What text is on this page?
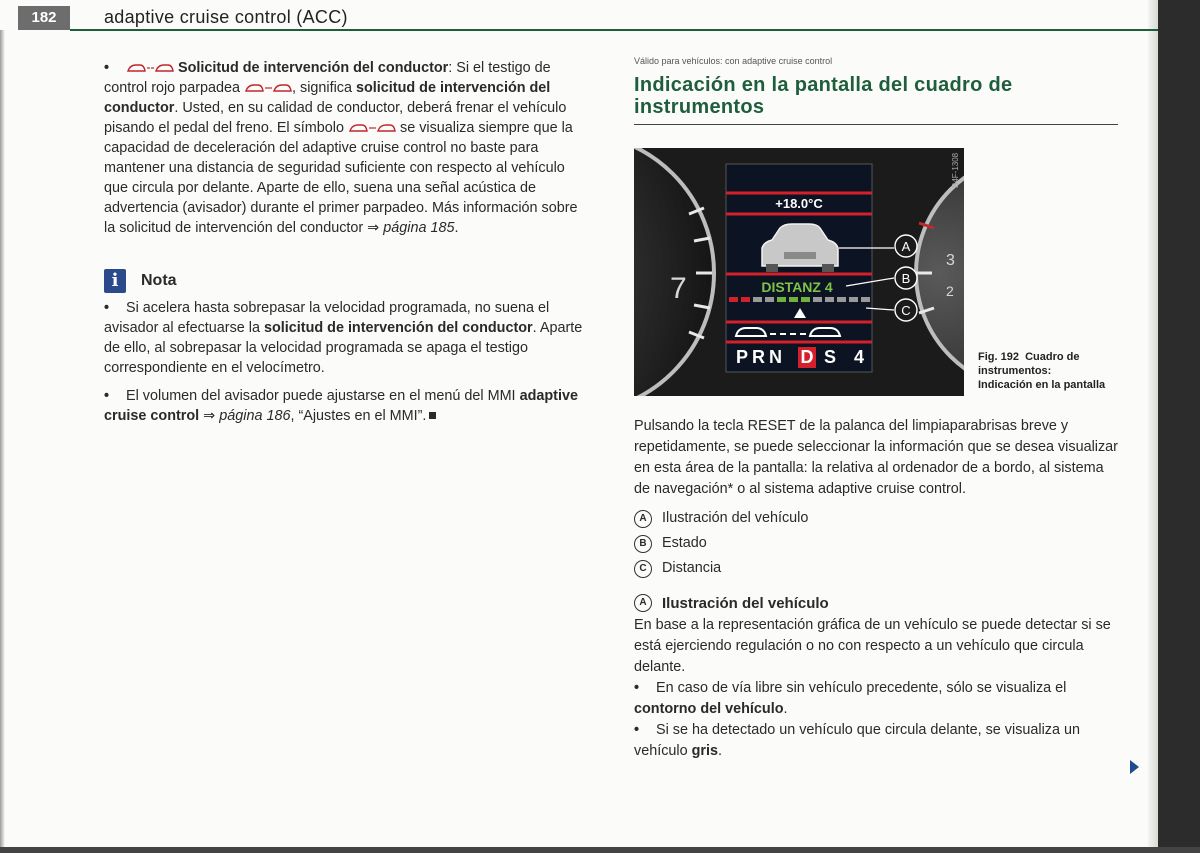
182	adaptive cruise control (ACC)

•	Solicitud de intervención del conductor: Si el testigo de control rojo parpadea	, significa solicitud de intervención del conductor. Usted, en su calidad de conductor, deberá frenar el vehículo pisando el pedal del freno. El símbolo	se visualiza siempre que la capacidad de deceleración del adaptive cruise control no baste para mantener una distancia de seguridad suficiente con respecto al vehículo que circula por delante. Aparte de ello, suena una señal acústica de advertencia (avisador) durante el primer parpadeo. Más información sobre la solicitud de intervención del conductor ⇒ página 185.

i	Nota

• Si acelera hasta sobrepasar la velocidad programada, no suena el avisador al efectuarse la solicitud de intervención del conductor. Aparte de ello, al sobrepasar la velocidad programada se apaga el testigo correspondiente en el velocímetro.

• El volumen del avisador puede ajustarse en el menú del MMI adaptive cruise control ⇒ página 186, “Ajustes en el MMI”.

Válido para vehículos: con adaptive cruise control
Indicación en la pantalla del cuadro de instrumentos
7
3
2
B4F-1308
+18.0°C
DISTANZ 4
PRN D S 4
A
B
C
Fig. 192 Cuadro de instrumentos: Indicación en la pantalla

Pulsando la tecla RESET de la palanca del limpiaparabrisas breve y repetidamente, se puede seleccionar la información que se desea visualizar en esta área de la pantalla: la relativa al ordenador de a bordo, al sistema de navegación* o al sistema adaptive cruise control.

A	Ilustración del vehículo
B	Estado
C	Distancia
A	Ilustración del vehículo

En base a la representación gráfica de un vehículo se puede detectar si se está ejerciendo regulación o no con respecto a un vehículo que circula delante.

• En caso de vía libre sin vehículo precedente, sólo se visualiza el contorno del vehículo.

• Si se ha detectado un vehículo que circula delante, se visualiza un vehículo gris.
